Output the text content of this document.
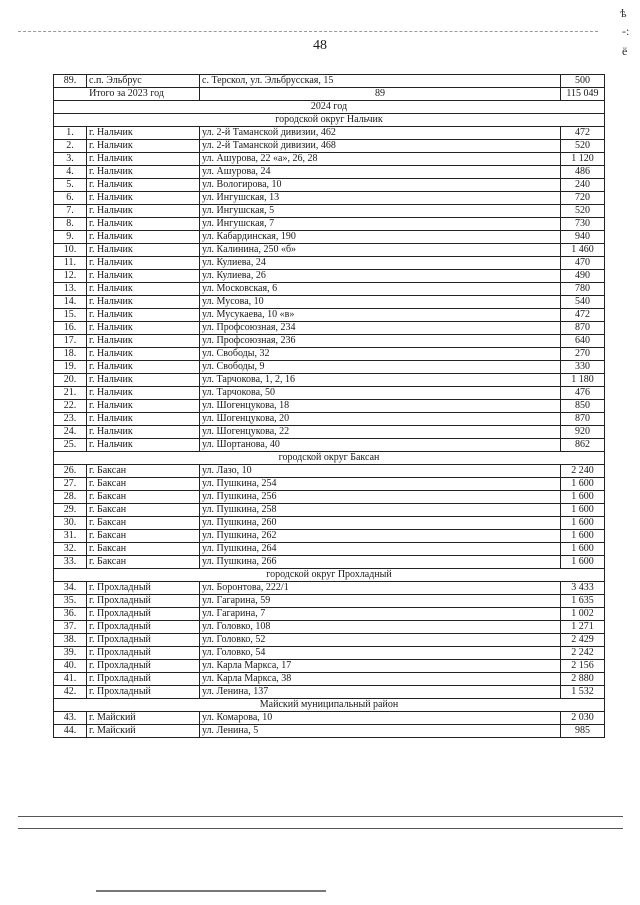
48
ѣ
-:
ё
89.	с.п. Эльбрус	с. Терскол, ул. Эльбрусская, 15	500
Итого за 2023 год		89	115 049
2024 год			
городской округ Нальчик			
1.	г. Нальчик	ул. 2-й Таманской дивизии, 462	472
2.	г. Нальчик	ул. 2-й Таманской дивизии, 468	520
3.	г. Нальчик	ул. Ашурова, 22 «а», 26, 28	1 120
4.	г. Нальчик	ул. Ашурова, 24	486
5.	г. Нальчик	ул. Вологирова, 10	240
6.	г. Нальчик	ул. Ингушская, 13	720
7.	г. Нальчик	ул. Ингушская, 5	520
8.	г. Нальчик	ул. Ингушская, 7	730
9.	г. Нальчик	ул. Кабардинская, 190	940
10.	г. Нальчик	ул. Калинина, 250 «б»	1 460
11.	г. Нальчик	ул. Кулиева, 24	470
12.	г. Нальчик	ул. Кулиева, 26	490
13.	г. Нальчик	ул. Московская, 6	780
14.	г. Нальчик	ул. Мусова, 10	540
15.	г. Нальчик	ул. Мусукаева, 10 «в»	472
16.	г. Нальчик	ул. Профсоюзная, 234	870
17.	г. Нальчик	ул. Профсоюзная, 236	640
18.	г. Нальчик	ул. Свободы, 32	270
19.	г. Нальчик	ул. Свободы, 9	330
20.	г. Нальчик	ул. Тарчокова, 1, 2, 16	1 180
21.	г. Нальчик	ул. Тарчокова, 50	476
22.	г. Нальчик	ул. Шогенцукова, 18	850
23.	г. Нальчик	ул. Шогенцукова, 20	870
24.	г. Нальчик	ул. Шогенцукова, 22	920
25.	г. Нальчик	ул. Шортанова, 40	862
городской округ Баксан			
26.	г. Баксан	ул. Лазо, 10	2 240
27.	г. Баксан	ул. Пушкина, 254	1 600
28.	г. Баксан	ул. Пушкина, 256	1 600
29.	г. Баксан	ул. Пушкина, 258	1 600
30.	г. Баксан	ул. Пушкина, 260	1 600
31.	г. Баксан	ул. Пушкина, 262	1 600
32.	г. Баксан	ул. Пушкина, 264	1 600
33.	г. Баксан	ул. Пушкина, 266	1 600
городской округ Прохладный			
34.	г. Прохладный	ул. Боронтова, 222/1	3 433
35.	г. Прохладный	ул. Гагарина, 59	1 635
36.	г. Прохладный	ул. Гагарина, 7	1 002
37.	г. Прохладный	ул. Головко, 108	1 271
38.	г. Прохладный	ул. Головко, 52	2 429
39.	г. Прохладный	ул. Головко, 54	2 242
40.	г. Прохладный	ул. Карла Маркса, 17	2 156
41.	г. Прохладный	ул. Карла Маркса, 38	2 880
42.	г. Прохладный	ул. Ленина, 137	1 532
Майский муниципальный район			
43.	г. Майский	ул. Комарова, 10	2 030
44.	г. Майский	ул. Ленина, 5	985
